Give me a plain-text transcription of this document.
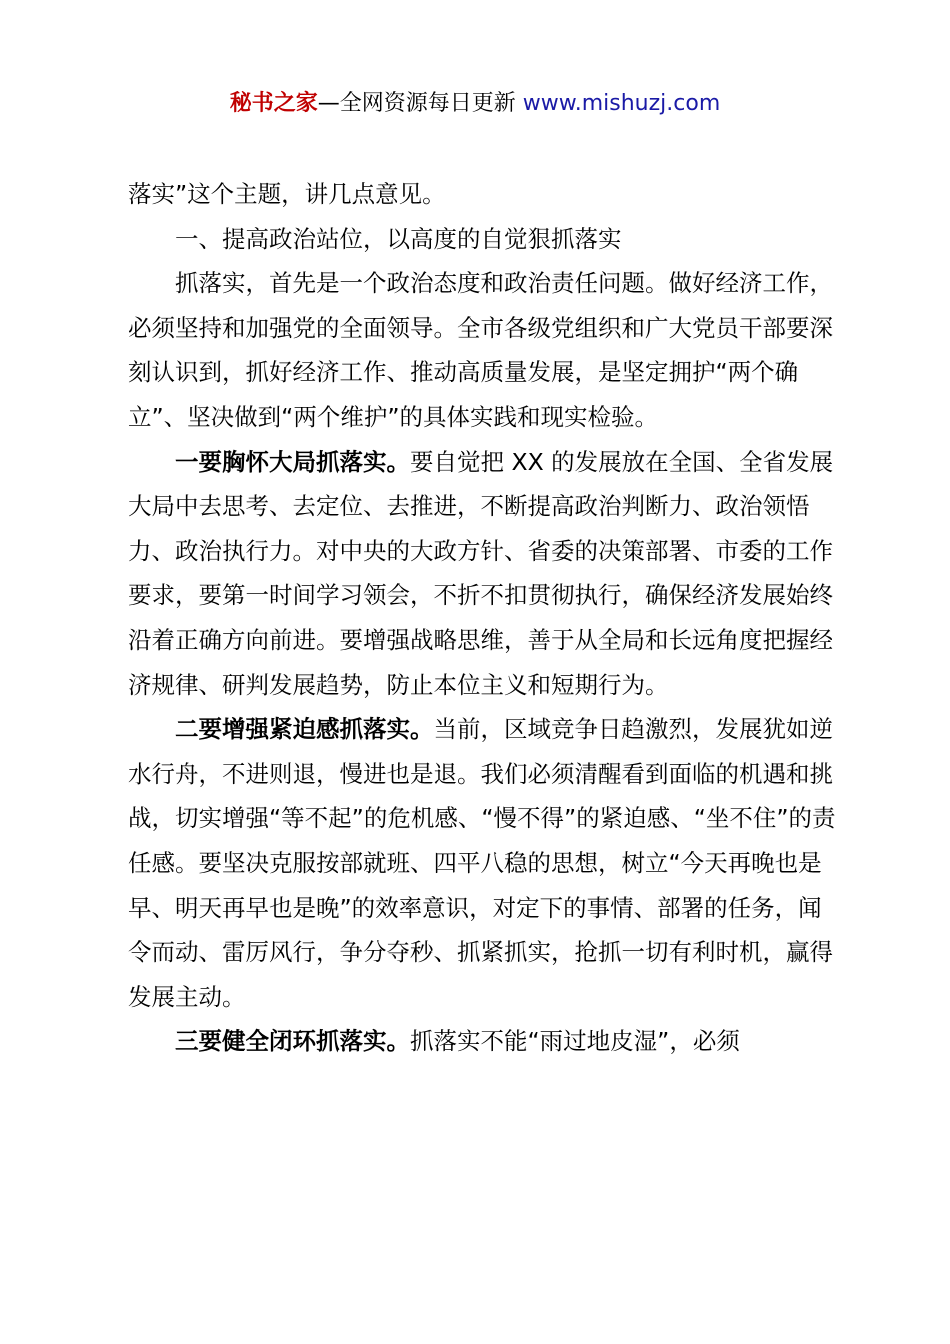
秘书之家—全网资源每日更新 www.mishuzj.com

落实”这个主题，讲几点意见。

一、提高政治站位，以高度的自觉狠抓落实

抓落实，首先是一个政治态度和政治责任问题。做好经济工作，必须坚持和加强党的全面领导。全市各级党组织和广大党员干部要深刻认识到，抓好经济工作、推动高质量发展，是坚定拥护“两个确立”、坚决做到“两个维护”的具体实践和现实检验。

一要胸怀大局抓落实。要自觉把 XX 的发展放在全国、全省发展大局中去思考、去定位、去推进，不断提高政治判断力、政治领悟力、政治执行力。对中央的大政方针、省委的决策部署、市委的工作要求，要第一时间学习领会，不折不扣贯彻执行，确保经济发展始终沿着正确方向前进。要增强战略思维，善于从全局和长远角度把握经济规律、研判发展趋势，防止本位主义和短期行为。

二要增强紧迫感抓落实。当前，区域竞争日趋激烈，发展犹如逆水行舟，不进则退，慢进也是退。我们必须清醒看到面临的机遇和挑战，切实增强“等不起”的危机感、“慢不得”的紧迫感、“坐不住”的责任感。要坚决克服按部就班、四平八稳的思想，树立“今天再晚也是早、明天再早也是晚”的效率意识，对定下的事情、部署的任务，闻令而动、雷厉风行，争分夺秒、抓紧抓实，抢抓一切有利时机，赢得发展主动。

三要健全闭环抓落实。抓落实不能“雨过地皮湿”，必须
